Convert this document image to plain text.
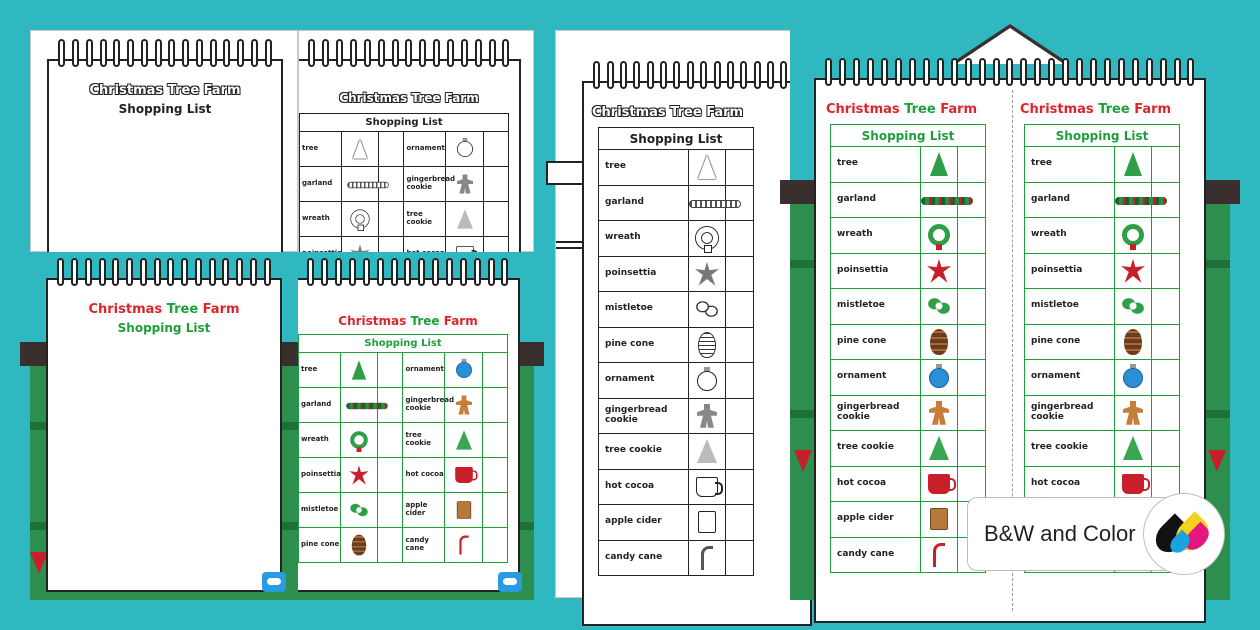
Christmas Tree Farm
Shopping List
Christmas Tree Farm
Shopping List					
tree			ornament		
garland			gingerbread cookie		
wreath			tree cookie		

Christmas Tree Farm
Shopping List	Christmas Tree Farm
Shopping List					
tree			ornament		
garland			gingerbread cookie		
wreath			tree cookie		
poinsettia			hot cocoa		
mistletoe			apple cider		
pine cone			candy cane		
Christmas Tree Farm
Shopping List		
tree		
garland		
wreath		
poinsettia		
mistletoe		
pine cone		
ornament		
gingerbread cookie		
tree cookie		
hot cocoa		
apple cider		
candy cane		
Christmas Tree Farm	Christmas Tree Farm
Shopping List		
tree		
garland		
wreath		
poinsettia		
mistletoe		
pine cone		
ornament		
gingerbread cookie		
tree cookie		
hot cocoa		
apple cider		
candy cane		
Shopping List		
tree		
garland		
wreath		
poinsettia		
mistletoe		
pine cone		
ornament		
gingerbread cookie		
tree cookie		
hot cocoa		

B&W and Color
